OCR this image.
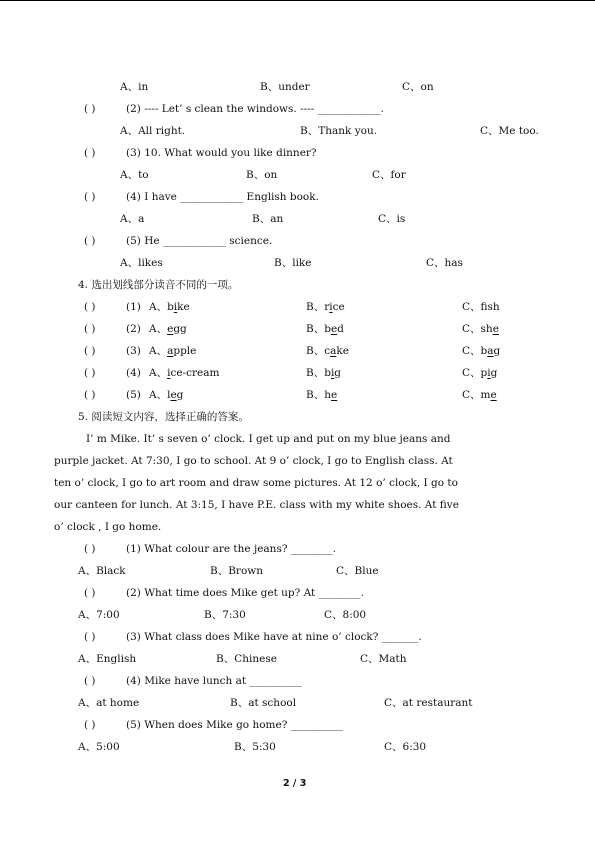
A、in	B、under	C、on
( )	(2) ---- Let’ s clean the windows. ---- ____________.
A、All right.	B、Thank you.	C、Me too.
( )	(3) 10. What would you like dinner?
A、to	B、on	C、for
( )	(4) I have ____________ English book.
A、a	B、an	C、is
( )	(5) He ____________ science.
A、likes	B、like	C、has
4. 选出划线部分读音不同的一项。
( )	(1) A、bike	B、rice	C、fsh
( )	(2) A、egg	B、bed	C、she
( )	(3) A、apple	B、cake	C、bag
( )	(4) A、ice-cream	B、big	C、pig
( )	(5) A、leg	B、he	C、me
5. 阅读短文内容，选择正确的答案。
I’ m Mike. It’ s seven o’ clock. I get up and put on my blue jeans and
purple jacket. At 7:30, I go to school. At 9 o’ clock, I go to English class. At
ten o’ clock, I go to art room and draw some pictures. At 12 o’ clock, I go to
our canteen for lunch. At 3:15, I have P.E. class with my white shoes. At five
o’ clock , I go home.
( )	(1) What colour are the jeans? ________.
A、Black	B、Brown	C、Blue
( )	(2) What time does Mike get up? At ________.
A、7:00	B、7:30	C、8:00
( )	(3) What class does Mike have at nine o’ clock? _______.
A、English	B、Chinese	C、Math
( )	(4) Mike have lunch at __________
A、at home	B、at school	C、at restaurant
( )	(5) When does Mike go home? __________
A、5:00	B、5:30	C、6:30
2 / 3
